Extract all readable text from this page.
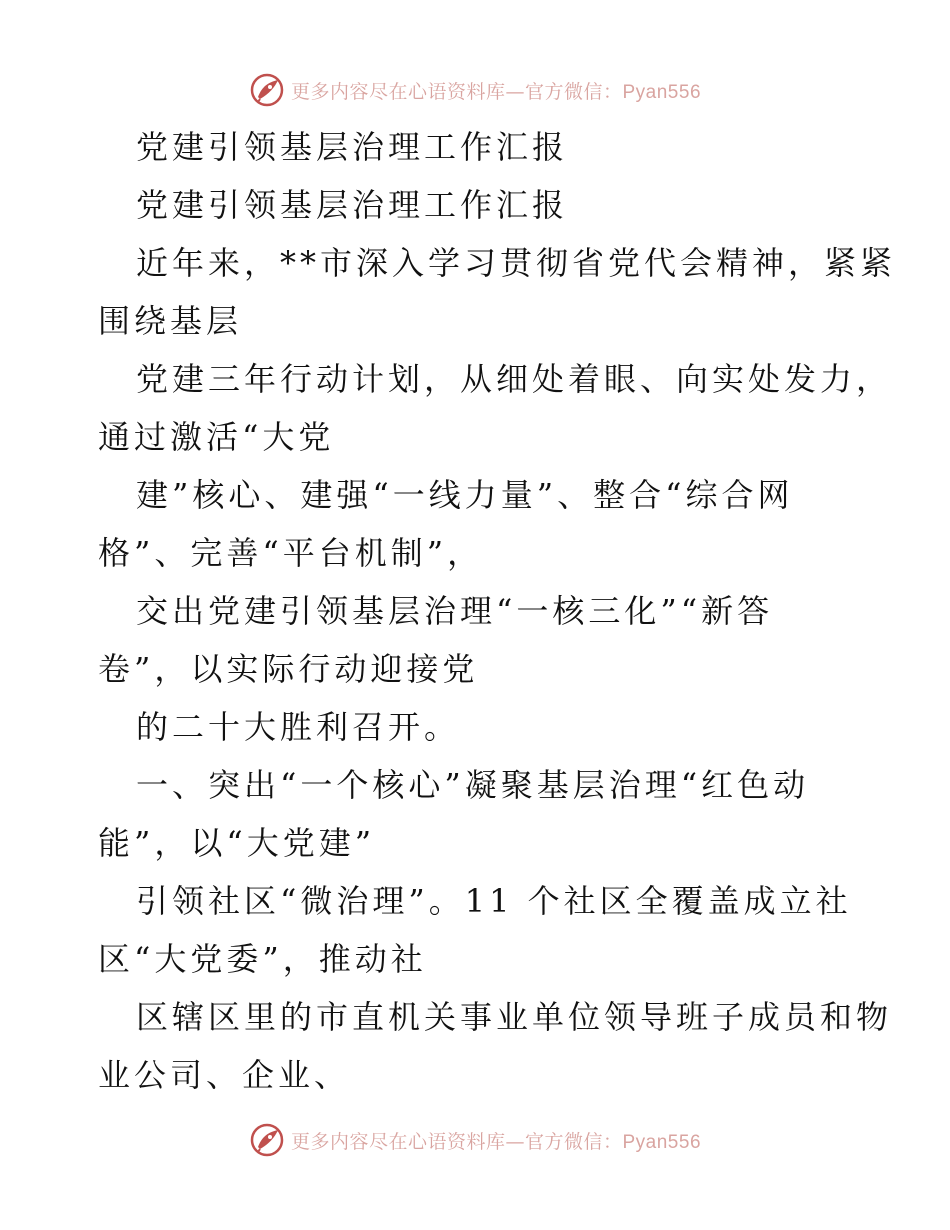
更多内容尽在心语资料库—官方微信：Pyan556
党建引领基层治理工作汇报
党建引领基层治理工作汇报
近年来，**市深入学习贯彻省党代会精神，紧紧
围绕基层
党建三年行动计划，从细处着眼、向实处发力，
通过激活“大党
建”核心、建强“一线力量”、整合“综合网
格”、完善“平台机制”，
交出党建引领基层治理“一核三化”“新答
卷”，以实际行动迎接党
的二十大胜利召开。
一、突出“一个核心”凝聚基层治理“红色动
能”，以“大党建”
引领社区“微治理”。11 个社区全覆盖成立社
区“大党委”，推动社
区辖区里的市直机关事业单位领导班子成员和物
业公司、企业、
更多内容尽在心语资料库—官方微信：Pyan556
